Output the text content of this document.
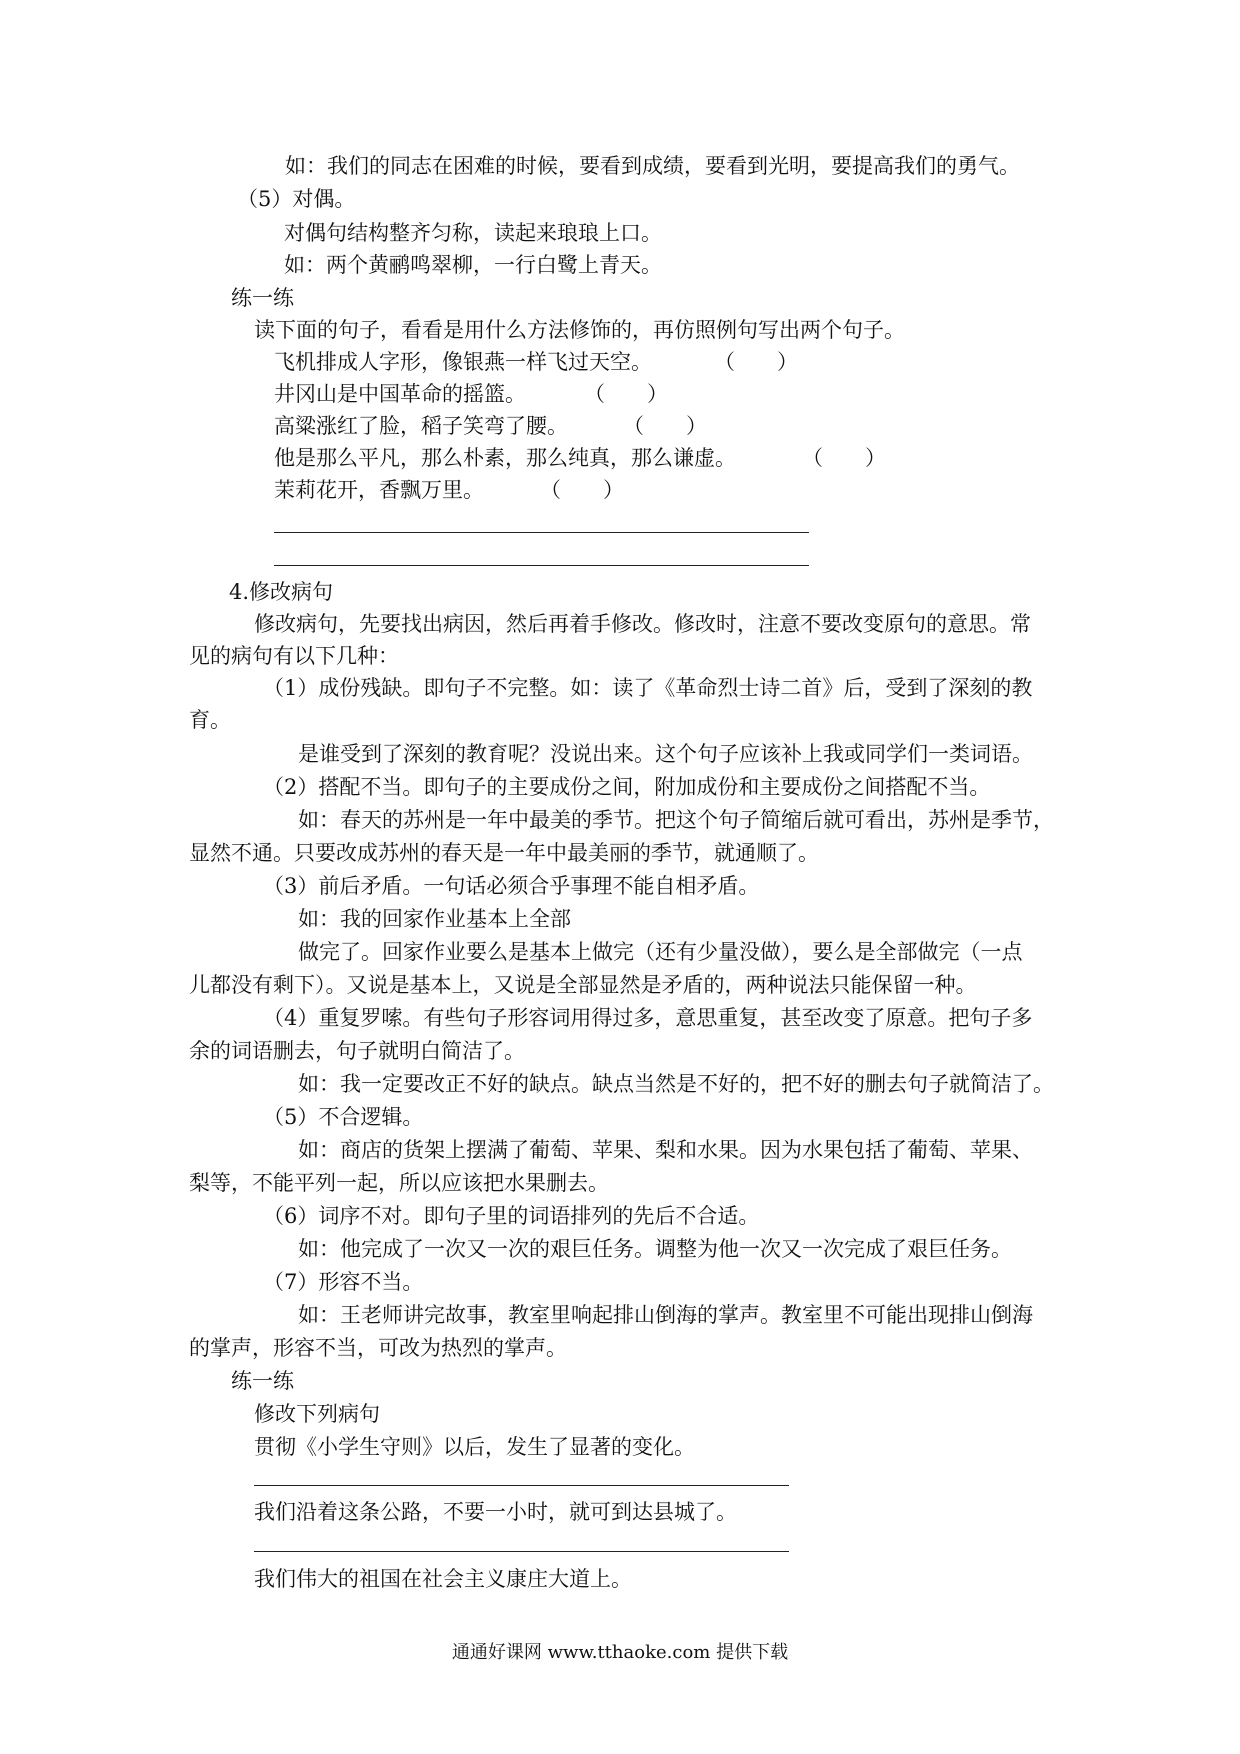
如：我们的同志在困难的时候，要看到成绩，要看到光明，要提高我们的勇气。
（5）对偶。
对偶句结构整齐匀称，读起来琅琅上口。
如：两个黄鹂鸣翠柳，一行白鹭上青天。
练一练
读下面的句子，看看是用什么方法修饰的，再仿照例句写出两个句子。
飞机排成人字形，像银燕一样飞过天空。	（　　）
井冈山是中国革命的摇篮。	（　　）
高粱涨红了脸，稻子笑弯了腰。	（　　）
他是那么平凡，那么朴素，那么纯真，那么谦虚。	（　　）
茉莉花开，香飘万里。	（　　）
4.修改病句
修改病句，先要找出病因，然后再着手修改。修改时，注意不要改变原句的意思。常
见的病句有以下几种：
（1）成份残缺。即句子不完整。如：读了《革命烈士诗二首》后，受到了深刻的教
育。
是谁受到了深刻的教育呢？没说出来。这个句子应该补上我或同学们一类词语。
（2）搭配不当。即句子的主要成份之间，附加成份和主要成份之间搭配不当。
如：春天的苏州是一年中最美的季节。把这个句子简缩后就可看出，苏州是季节，
显然不通。只要改成苏州的春天是一年中最美丽的季节，就通顺了。
（3）前后矛盾。一句话必须合乎事理不能自相矛盾。
如：我的回家作业基本上全部
做完了。回家作业要么是基本上做完（还有少量没做），要么是全部做完（一点
儿都没有剩下）。又说是基本上，又说是全部显然是矛盾的，两种说法只能保留一种。
（4）重复罗嗦。有些句子形容词用得过多，意思重复，甚至改变了原意。把句子多
余的词语删去，句子就明白简洁了。
如：我一定要改正不好的缺点。缺点当然是不好的，把不好的删去句子就简洁了。
（5）不合逻辑。
如：商店的货架上摆满了葡萄、苹果、梨和水果。因为水果包括了葡萄、苹果、
梨等，不能平列一起，所以应该把水果删去。
（6）词序不对。即句子里的词语排列的先后不合适。
如：他完成了一次又一次的艰巨任务。调整为他一次又一次完成了艰巨任务。
（7）形容不当。
如：王老师讲完故事，教室里响起排山倒海的掌声。教室里不可能出现排山倒海
的掌声，形容不当，可改为热烈的掌声。
练一练
修改下列病句
贯彻《小学生守则》以后，发生了显著的变化。
我们沿着这条公路，不要一小时，就可到达县城了。
我们伟大的祖国在社会主义康庄大道上。
通通好课网 www.tthaoke.com 提供下载
